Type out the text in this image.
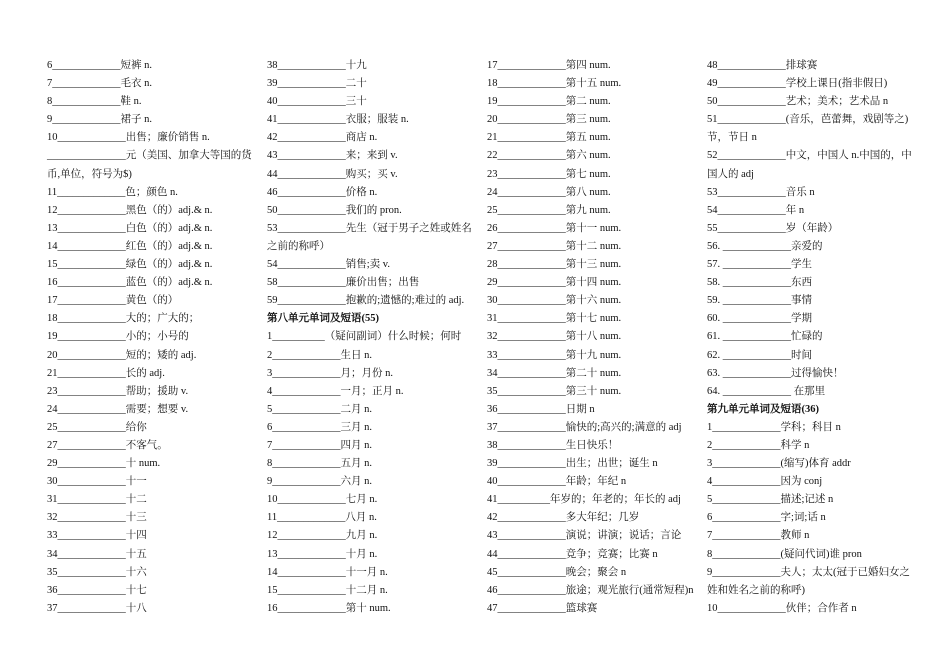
6_____________短裤 n.
7_____________毛衣 n.
8_____________鞋 n.
9_____________裙子 n.
10_____________出售；廉价销售 n.
_______________元（美国、加拿大等国的货币,单位，符号为$)
11_____________色；颜色 n.
12_____________黑色（的）adj.& n.
13_____________白色（的）adj.& n.
14_____________红色（的）adj.& n.
15_____________绿色（的）adj.& n.
16_____________蓝色（的）adj.& n.
17_____________黄色（的）
18_____________大的；广大的；
19_____________小的；小号的
20_____________短的；矮的 adj.
21_____________长的 adj.
23_____________帮助；援助 v.
24_____________需要；想要 v.
25_____________给你
27_____________不客气。
29_____________十 num.
30_____________十一
31_____________十二
32_____________十三
33_____________十四
34_____________十五
35_____________十六
36_____________十七
37_____________十八
38_____________十九
39_____________二十
40_____________三十
41_____________衣服；服装 n.
42_____________商店 n.
43_____________来；来到 v.
44_____________购买；买 v.
46_____________价格 n.
50_____________我们的 pron.
53_____________先生（冠于男子之姓或姓名之前的称呼）
54_____________销售;卖 v.
58_____________廉价出售；出售
59_____________抱歉的;遗憾的;难过的 adj.
第八单元单词及短语(55)
1__________（疑问副词）什么时候；何时
2_____________生日 n.
3_____________月；月份 n.
4_____________一月；正月 n.
5_____________二月 n.
6_____________三月 n.
7_____________四月 n.
8_____________五月 n.
9_____________六月 n.
10_____________七月 n.
11_____________八月 n.
12_____________九月 n.
13_____________十月 n.
14_____________十一月 n.
15_____________十二月 n.
16_____________第十 num.
17_____________第四 num.
18_____________第十五 num.
19_____________第二 num.
20_____________第三 num.
21_____________第五 num.
22_____________第六 num.
23_____________第七 num.
24_____________第八 num.
25_____________第九 num.
26_____________第十一 num.
27_____________第十二 num.
28_____________第十三 num.
29_____________第十四 num.
30_____________第十六 num.
31_____________第十七 num.
32_____________第十八 num.
33_____________第十九 num.
34_____________第二十 num.
35_____________第三十 num.
36_____________日期 n
37_____________愉快的;高兴的;满意的 adj
38_____________生日快乐！
39_____________出生；出世；诞生 n
40_____________年龄；年纪 n
41__________年岁的；年老的；年长的 adj
42_____________多大年纪；几岁
43_____________演说；讲演；说话；言论
44_____________竞争；竞赛；比赛 n
45_____________晚会；聚会 n
46_____________旅途；观光旅行(通常短程)n
47_____________篮球赛
48_____________排球赛
49_____________学校上课日(指非假日)
50_____________艺术；美术；艺术品 n
51_____________(音乐，芭蕾舞，戏剧等之)节，节日 n
52_____________中文，中国人 n.中国的，中国人的 adj
53_____________音乐 n
54_____________年 n
55_____________岁（年龄）
56. _____________亲爱的
57. _____________学生
58. _____________东西
59. _____________事情
60. _____________学期
61. _____________忙碌的
62. _____________时间
63. _____________过得愉快！
64. _____________ 在那里
第九单元单词及短语(36)
1_____________学科；科目 n
2_____________科学 n
3_____________(缩写)体育 addr
4_____________因为 conj
5_____________描述;记述 n
6_____________字;词;话 n
7_____________教师 n
8_____________(疑问代词)谁 pron
9_____________夫人；太太(冠于已婚妇女之姓和姓名之前的称呼)
10_____________伙伴；合作者 n
